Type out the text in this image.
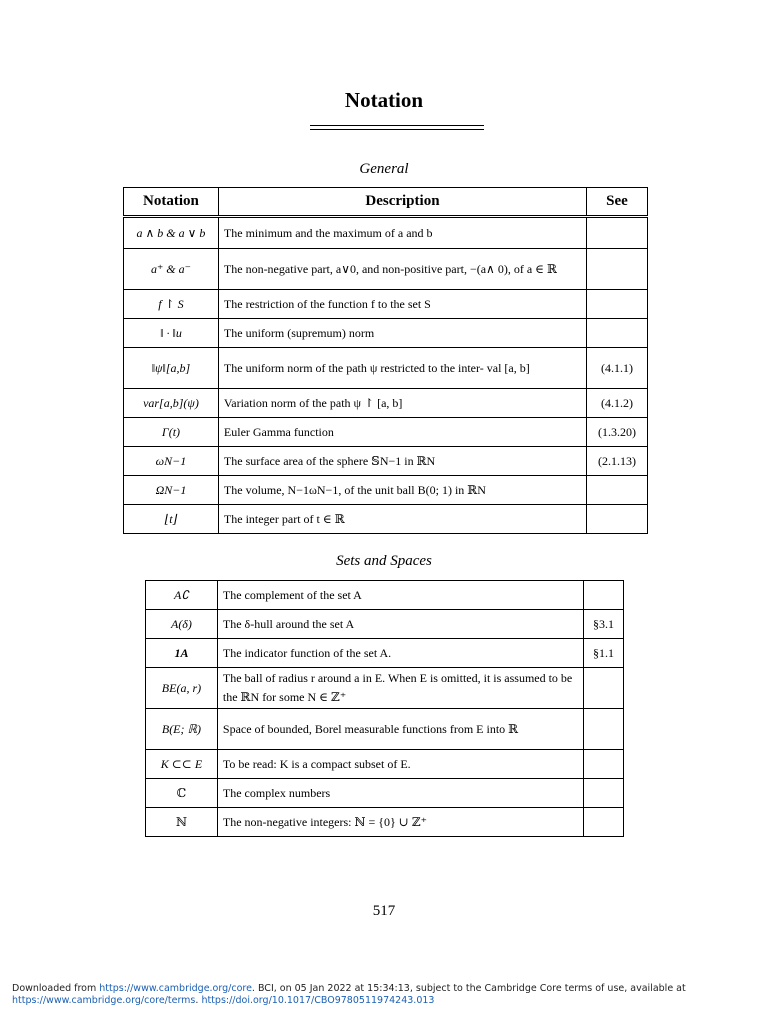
Notation
General
Notation	Description	See
a ∧ b & a ∨ b	The minimum and the maximum of a and b	
a⁺ & a⁻	The non-negative part, a∨0, and non-positive part, −(a∧ 0), of a ∈ ℝ	
f ↾ S	The restriction of the function f to the set S	
‖ · ‖u	The uniform (supremum) norm	
‖ψ‖[a,b]	The uniform norm of the path ψ restricted to the inter- val [a, b]	(4.1.1)
var[a,b](ψ)	Variation norm of the path ψ ↾ [a, b]	(4.1.2)
Γ(t)	Euler Gamma function	(1.3.20)
ωN−1	The surface area of the sphere 𝕊N−1 in ℝN	(2.1.13)
ΩN−1	The volume, N−1ωN−1, of the unit ball B(0; 1) in ℝN	
⌊t⌋	The integer part of t ∈ ℝ	
Sets and Spaces
A∁	The complement of the set A	
A(δ)	The δ-hull around the set A	§3.1
1A	The indicator function of the set A.	§1.1
BE(a, r)	The ball of radius r around a in E. When E is omitted, it is assumed to be the ℝN for some N ∈ ℤ⁺	
B(E; ℝ)	Space of bounded, Borel measurable functions from E into ℝ	
K ⊂⊂ E	To be read: K is a compact subset of E.	
ℂ	The complex numbers	
ℕ	The non-negative integers: ℕ = {0} ∪ ℤ⁺	
517
Downloaded from https://www.cambridge.org/core. BCI, on 05 Jan 2022 at 15:34:13, subject to the Cambridge Core terms of use, available at
https://www.cambridge.org/core/terms. https://doi.org/10.1017/CBO9780511974243.013
